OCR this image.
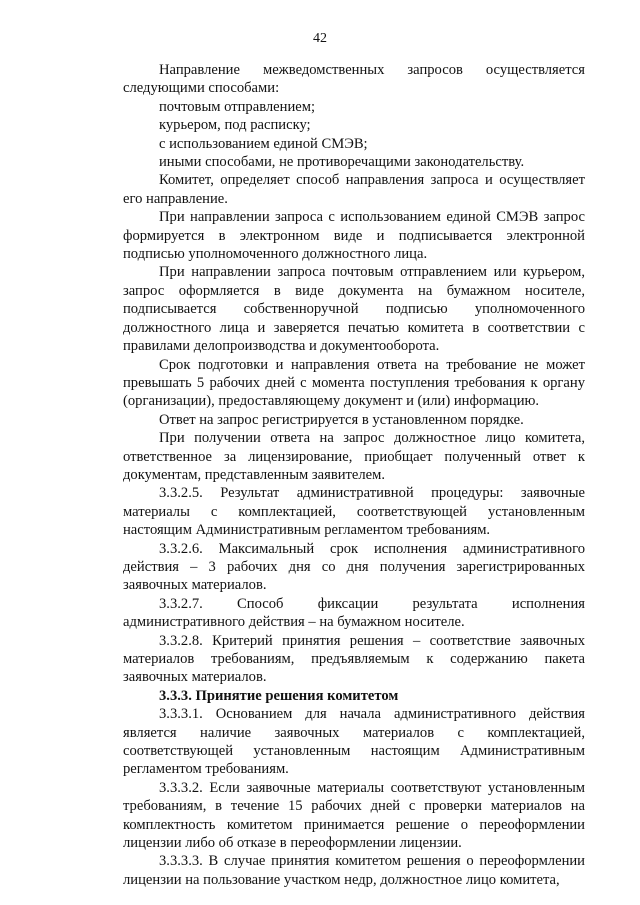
42

Направление межведомственных запросов осуществляется следующими способами:

почтовым отправлением;

курьером, под расписку;

с использованием единой СМЭВ;

иными способами, не противоречащими законодательству.

Комитет, определяет способ направления запроса и осуществляет его направление.

При направлении запроса с использованием единой СМЭВ запрос формируется в электронном виде и подписывается электронной подписью уполномоченного должностного лица.

При направлении запроса почтовым отправлением или курьером, запрос оформляется в виде документа на бумажном носителе, подписывается собственноручной подписью уполномоченного должностного лица и заверяется печатью комитета в соответствии с правилами делопроизводства и документооборота.

Срок подготовки и направления ответа на требование не может превышать 5 рабочих дней с момента поступления требования к органу (организации), предоставляющему документ и (или) информацию.

Ответ на запрос регистрируется в установленном порядке.

При получении ответа на запрос должностное лицо комитета, ответственное за лицензирование, приобщает полученный ответ к документам, представленным заявителем.

3.3.2.5. Результат административной процедуры: заявочные материалы с комплектацией, соответствующей установленным настоящим Административным регламентом требованиям.

3.3.2.6. Максимальный срок исполнения административного действия – 3 рабочих дня со дня получения зарегистрированных заявочных материалов.

3.3.2.7. Способ фиксации результата исполнения административного действия – на бумажном носителе.

3.3.2.8. Критерий принятия решения – соответствие заявочных материалов требованиям, предъявляемым к содержанию пакета заявочных материалов.

3.3.3. Принятие решения комитетом

3.3.3.1. Основанием для начала административного действия является наличие заявочных материалов с комплектацией, соответствующей установленным настоящим Административным регламентом требованиям.

3.3.3.2. Если заявочные материалы соответствуют установленным требованиям, в течение 15 рабочих дней с проверки материалов на комплектность комитетом принимается решение о переоформлении лицензии либо об отказе в переоформлении лицензии.

3.3.3.3. В случае принятия комитетом решения о переоформлении лицензии на пользование участком недр, должностное лицо комитета,
